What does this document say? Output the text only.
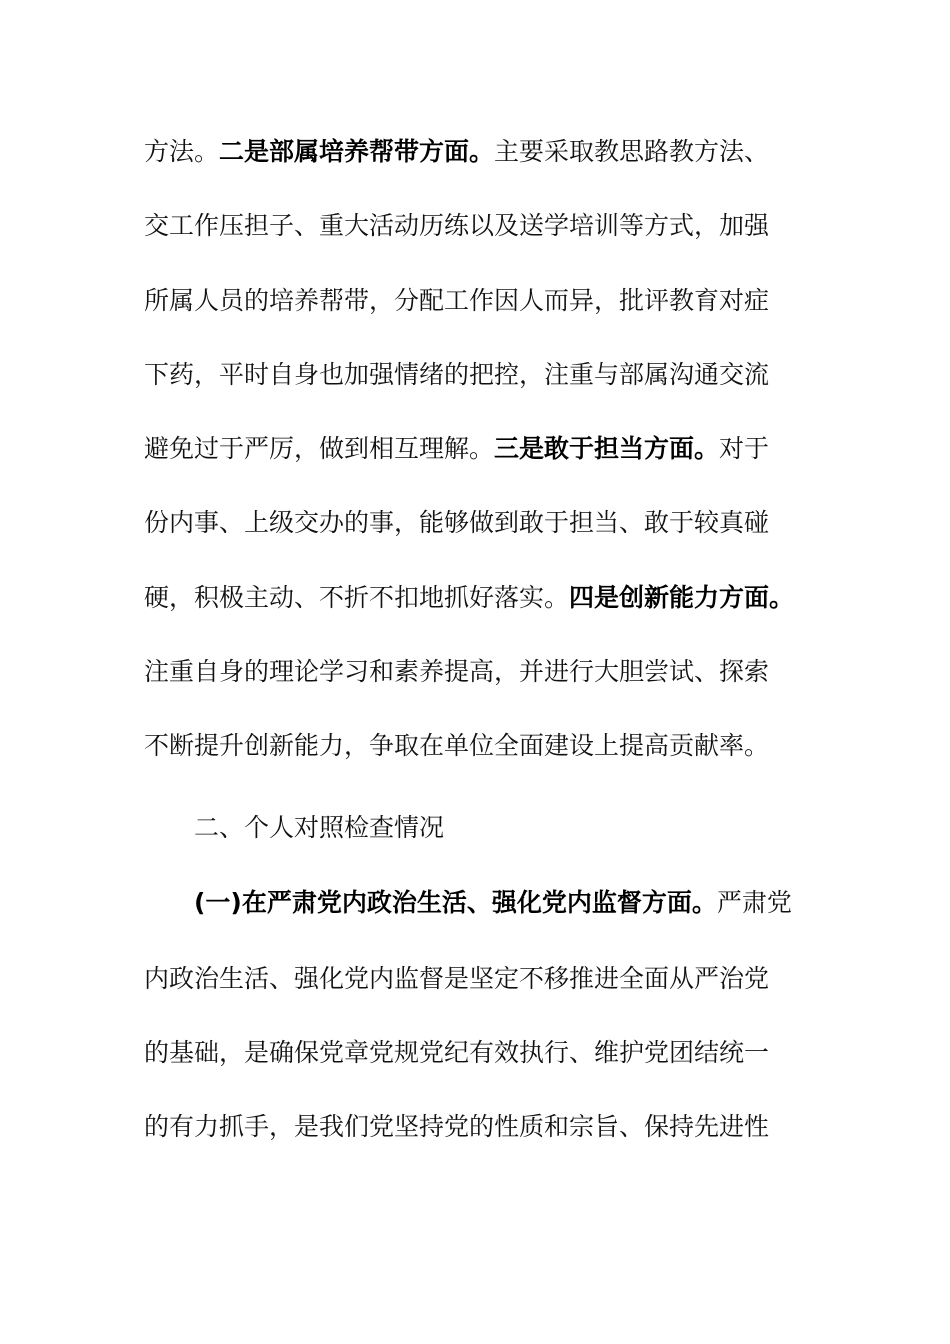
方法。二是部属培养帮带方面。主要采取教思路教方法、
交工作压担子、重大活动历练以及送学培训等方式，加强
所属人员的培养帮带，分配工作因人而异，批评教育对症
下药，平时自身也加强情绪的把控，注重与部属沟通交流
避免过于严厉，做到相互理解。三是敢于担当方面。对于
份内事、上级交办的事，能够做到敢于担当、敢于较真碰
硬，积极主动、不折不扣地抓好落实。四是创新能力方面。
注重自身的理论学习和素养提高，并进行大胆尝试、探索
不断提升创新能力，争取在单位全面建设上提高贡献率。
二、个人对照检查情况
(一)在严肃党内政治生活、强化党内监督方面。严肃党
内政治生活、强化党内监督是坚定不移推进全面从严治党
的基础，是确保党章党规党纪有效执行、维护党团结统一
的有力抓手，是我们党坚持党的性质和宗旨、保持先进性
